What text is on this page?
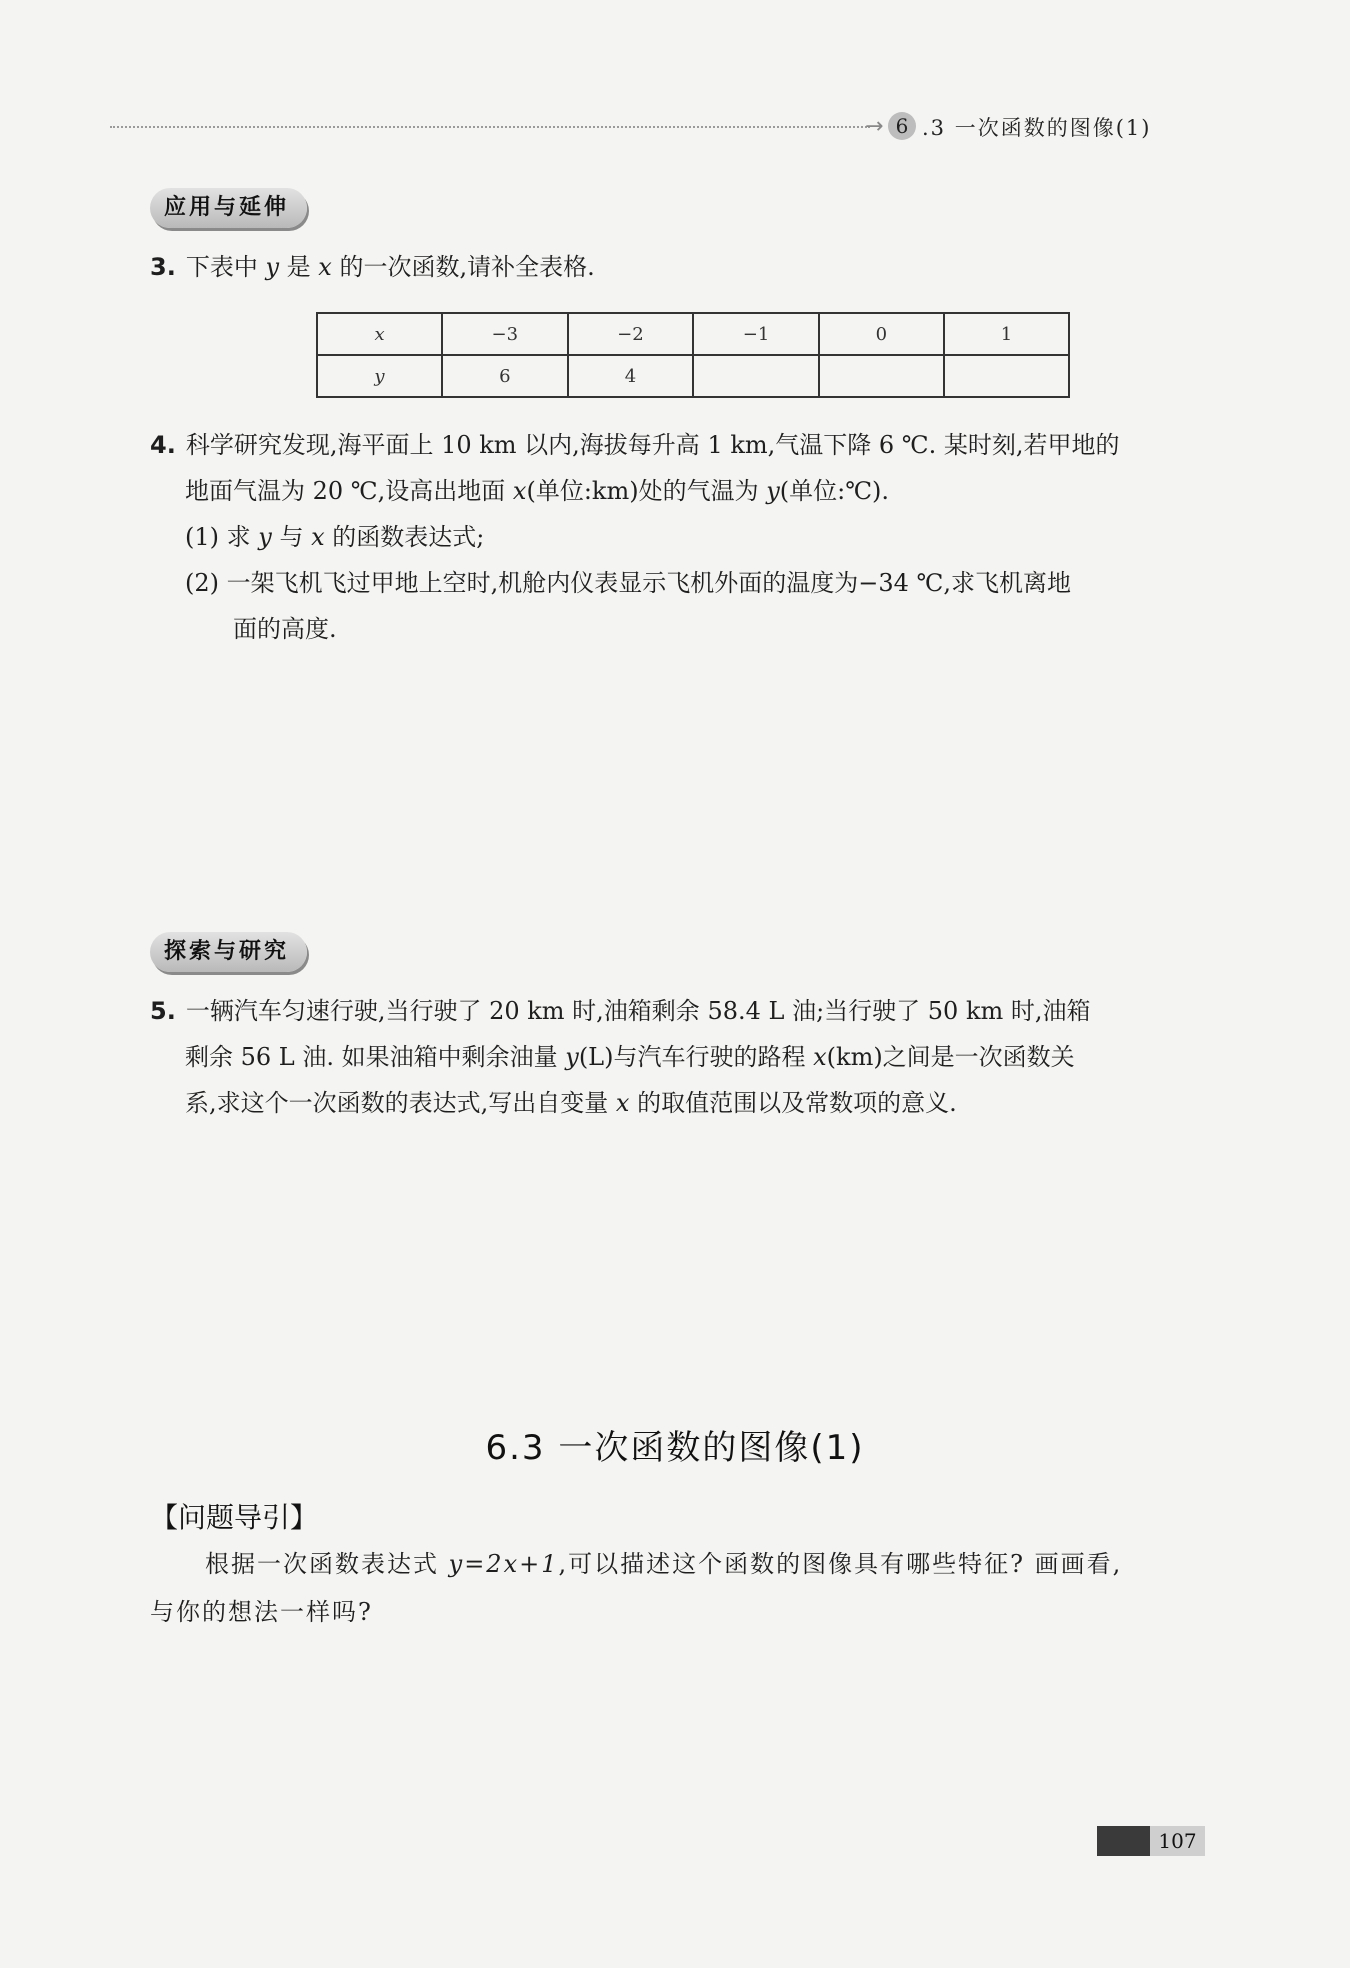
→ 6 .3 一次函数的图像(1)
应用与延伸
3. 下表中 y 是 x 的一次函数,请补全表格.
x	−3	−2	−1	0	1
y	6	4			
4. 科学研究发现,海平面上 10 km 以内,海拔每升高 1 km,气温下降 6 ℃. 某时刻,若甲地的
地面气温为 20 ℃,设高出地面 x(单位:km)处的气温为 y(单位:℃).
(1) 求 y 与 x 的函数表达式;
(2) 一架飞机飞过甲地上空时,机舱内仪表显示飞机外面的温度为−34 ℃,求飞机离地
面的高度.
探索与研究
5. 一辆汽车匀速行驶,当行驶了 20 km 时,油箱剩余 58.4 L 油;当行驶了 50 km 时,油箱
剩余 56 L 油. 如果油箱中剩余油量 y(L)与汽车行驶的路程 x(km)之间是一次函数关
系,求这个一次函数的表达式,写出自变量 x 的取值范围以及常数项的意义.
6.3 一次函数的图像(1)
【问题导引】
根据一次函数表达式 y=2x+1,可以描述这个函数的图像具有哪些特征? 画画看,
与你的想法一样吗?
107
